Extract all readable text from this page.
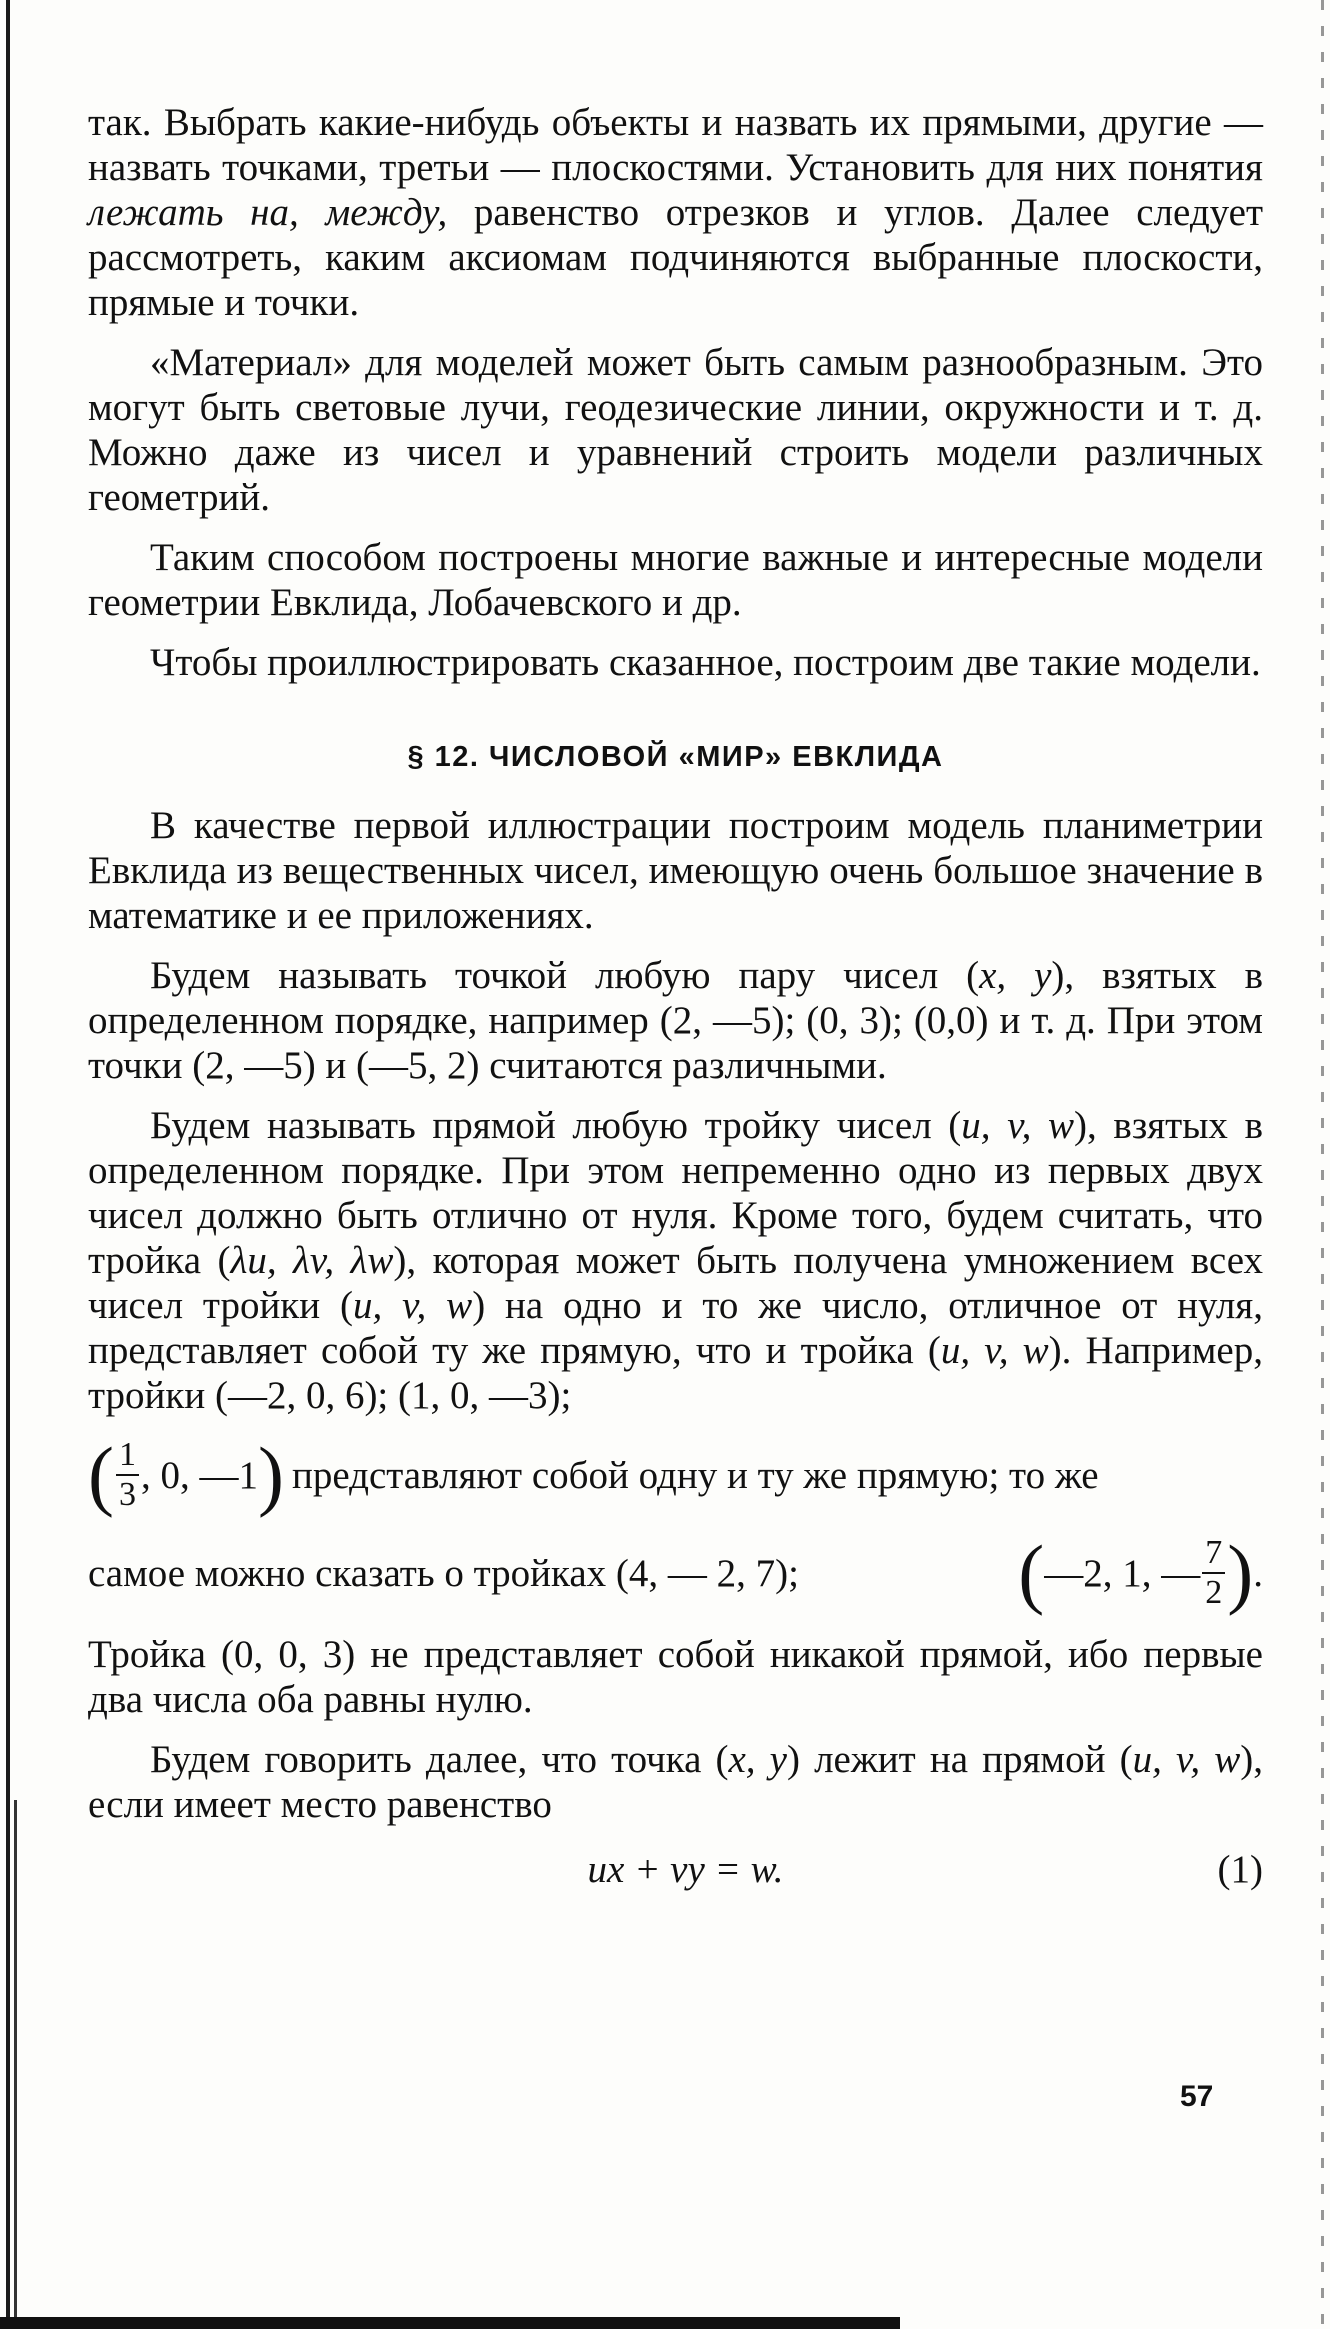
так. Выбрать какие-нибудь объекты и назвать их прямыми, другие — назвать точками, третьи — плоскостями. Установить для них понятия лежать на, между, равенство отрезков и углов. Далее следует рассмотреть, каким аксиомам подчиняются выбранные плоскости, прямые и точки.

«Материал» для моделей может быть самым разнообразным. Это могут быть световые лучи, геодезические линии, окружности и т. д. Можно даже из чисел и уравнений строить модели различных геометрий.

Таким способом построены многие важные и интересные модели геометрии Евклида, Лобачевского и др.

Чтобы проиллюстрировать сказанное, построим две такие модели.

§ 12. ЧИСЛОВОЙ «МИР» ЕВКЛИДА

В качестве первой иллюстрации построим модель планиметрии Евклида из вещественных чисел, имеющую очень большое значение в математике и ее приложениях.

Будем называть точкой любую пару чисел (x, y), взятых в определенном порядке, например (2, —5); (0, 3); (0,0) и т. д. При этом точки (2, —5) и (—5, 2) считаются различными.

Будем называть прямой любую тройку чисел (u, v, w), взятых в определенном порядке. При этом непременно одно из первых двух чисел должно быть отлично от нуля. Кроме того, будем считать, что тройка (λu, λv, λw), которая может быть получена умножением всех чисел тройки (u, v, w) на одно и то же число, отличное от нуля, представляет собой ту же прямую, что и тройка (u, v, w). Например, тройки (—2, 0, 6); (1, 0, —3);

( $\frac{1}{3}$ , 0, —1 ) представляют собой одну и ту же прямую; то же
самое можно сказать о тройках (4, — 2, 7);	( —2, 1, — $\frac{7}{2}$ ) .

Тройка (0, 0, 3) не представляет собой никакой прямой, ибо первые два числа оба равны нулю.

Будем говорить далее, что точка (x, y) лежит на прямой (u, v, w), если имеет место равенство

ux + vy = w.	(1)
57
